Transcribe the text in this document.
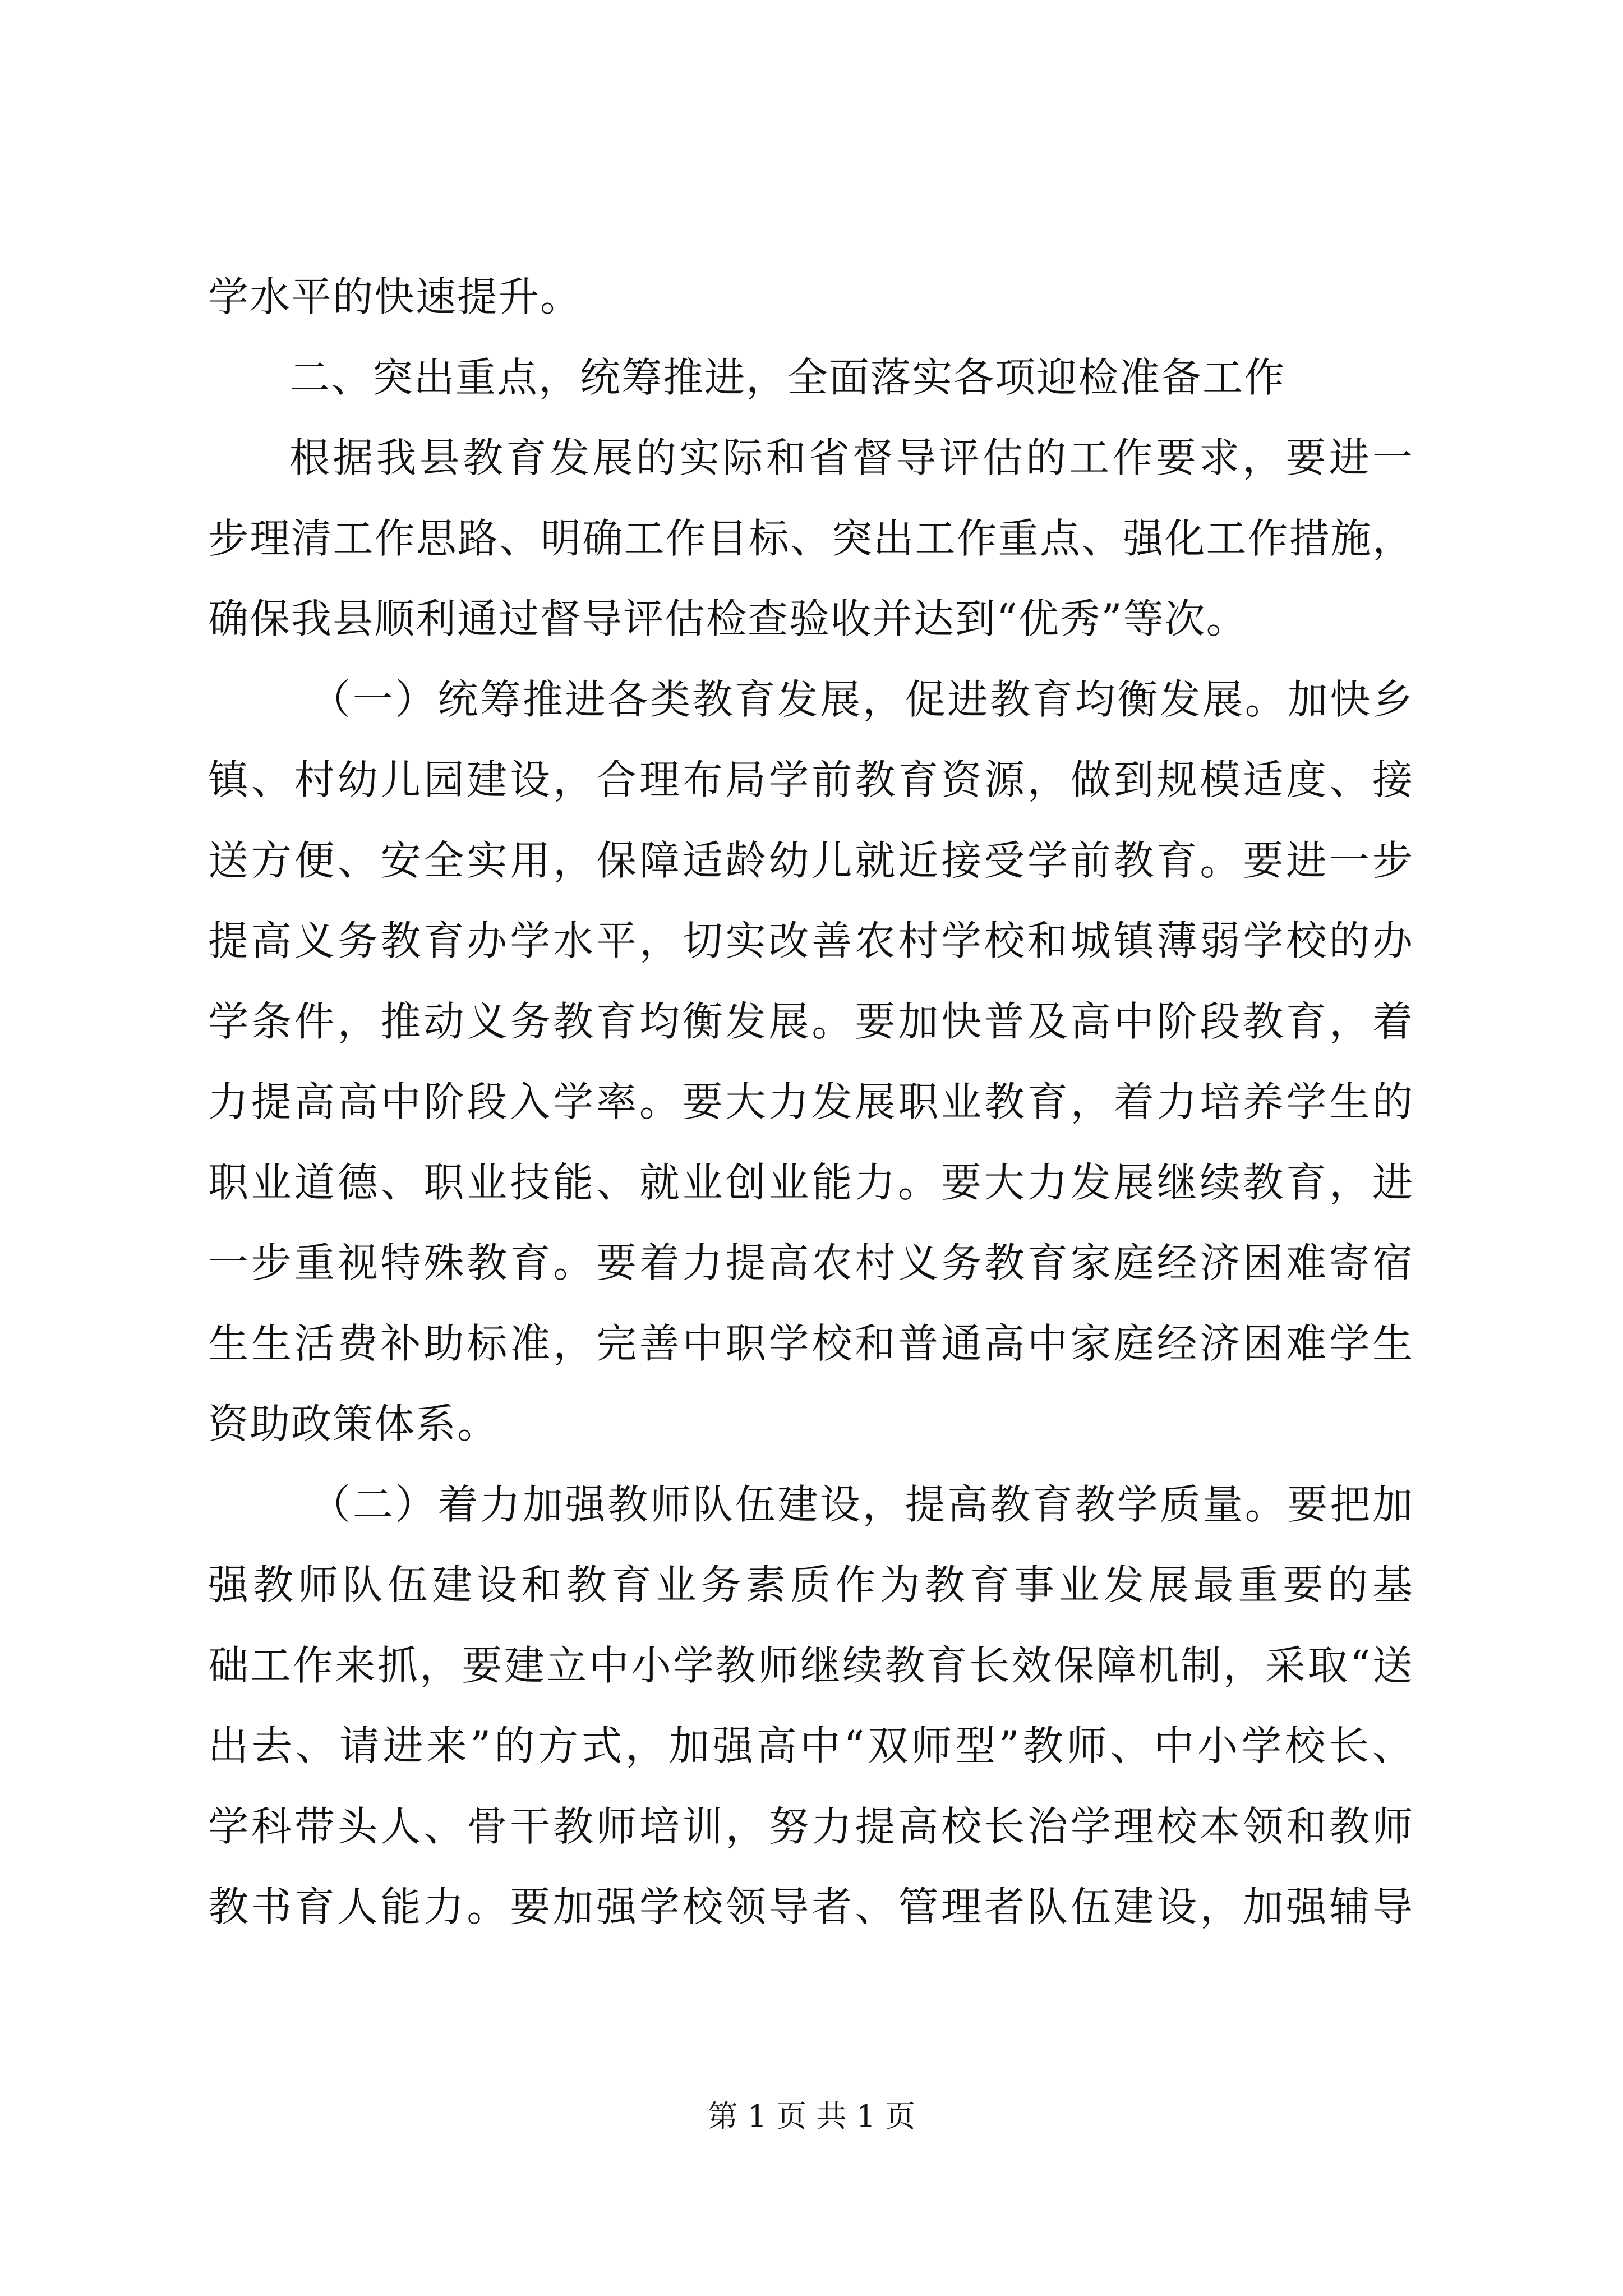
学水平的快速提升。
二、突出重点，统筹推进，全面落实各项迎检准备工作
根据我县教育发展的实际和省督导评估的工作要求，要进一
步理清工作思路、明确工作目标、突出工作重点、强化工作措施，
确保我县顺利通过督导评估检查验收并达到“优秀”等次。
（一）统筹推进各类教育发展，促进教育均衡发展。加快乡
镇、村幼儿园建设，合理布局学前教育资源，做到规模适度、接
送方便、安全实用，保障适龄幼儿就近接受学前教育。要进一步
提高义务教育办学水平，切实改善农村学校和城镇薄弱学校的办
学条件，推动义务教育均衡发展。要加快普及高中阶段教育，着
力提高高中阶段入学率。要大力发展职业教育，着力培养学生的
职业道德、职业技能、就业创业能力。要大力发展继续教育，进
一步重视特殊教育。要着力提高农村义务教育家庭经济困难寄宿
生生活费补助标准，完善中职学校和普通高中家庭经济困难学生
资助政策体系。
（二）着力加强教师队伍建设，提高教育教学质量。要把加
强教师队伍建设和教育业务素质作为教育事业发展最重要的基
础工作来抓，要建立中小学教师继续教育长效保障机制，采取“送
出去、请进来”的方式，加强高中“双师型”教师、中小学校长、
学科带头人、骨干教师培训，努力提高校长治学理校本领和教师
教书育人能力。要加强学校领导者、管理者队伍建设，加强辅导
第 1 页 共 1 页
